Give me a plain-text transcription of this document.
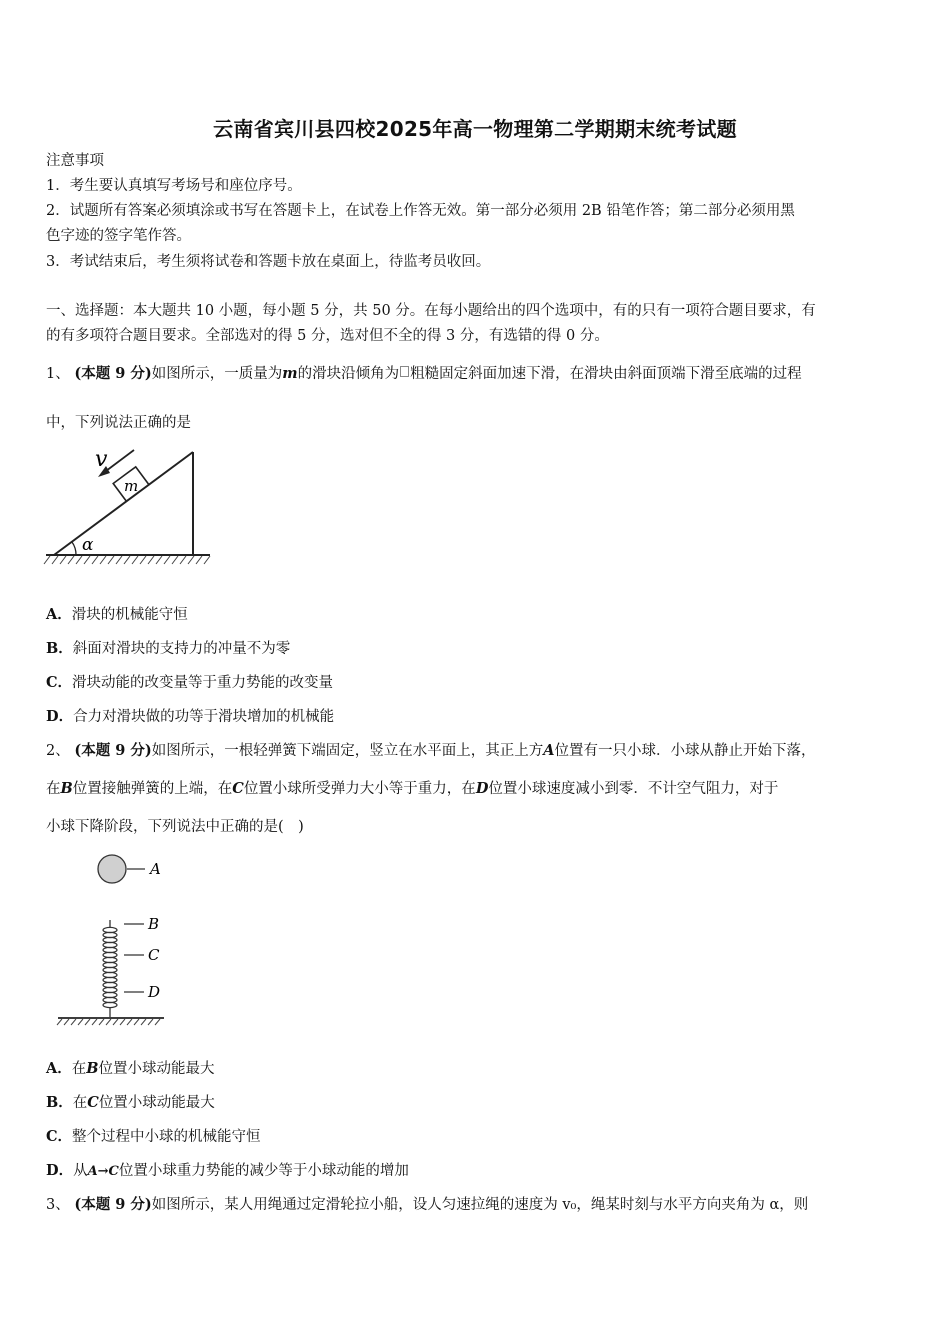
云南省宾川县四校2025年高一物理第二学期期末统考试题
注意事项
1．考生要认真填写考场号和座位序号。
2．试题所有答案必须填涂或书写在答题卡上，在试卷上作答无效。第一部分必须用 2B 铅笔作答；第二部分必须用黑
色字迹的签字笔作答。
3．考试结束后，考生须将试卷和答题卡放在桌面上，待监考员收回。
一、选择题：本大题共 10 小题，每小题 5 分，共 50 分。在每小题给出的四个选项中，有的只有一项符合题目要求，有
的有多项符合题目要求。全部选对的得 5 分，选对但不全的得 3 分，有选错的得 0 分。
1、 (本题 9 分)如图所示，一质量为m的滑块沿倾角为 粗糙固定斜面加速下滑，在滑块由斜面顶端下滑至底端的过程
中，下列说法正确的是
α
m
v
A．滑块的机械能守恒
B．斜面对滑块的支持力的冲量不为零
C．滑块动能的改变量等于重力势能的改变量
D．合力对滑块做的功等于滑块增加的机械能
2、 (本题 9 分)如图所示，一根轻弹簧下端固定，竖立在水平面上，其正上方A位置有一只小球．小球从静止开始下落，
在B位置接触弹簧的上端，在C位置小球所受弹力大小等于重力，在D位置小球速度减小到零．不计空气阻力，对于
小球下降阶段，下列说法中正确的是(　)
A
B
C
D
A．在B位置小球动能最大
B．在C位置小球动能最大
C．整个过程中小球的机械能守恒
D．从A→C位置小球重力势能的减少等于小球动能的增加
3、 (本题 9 分)如图所示，某人用绳通过定滑轮拉小船，设人匀速拉绳的速度为 v₀，绳某时刻与水平方向夹角为 α，则
